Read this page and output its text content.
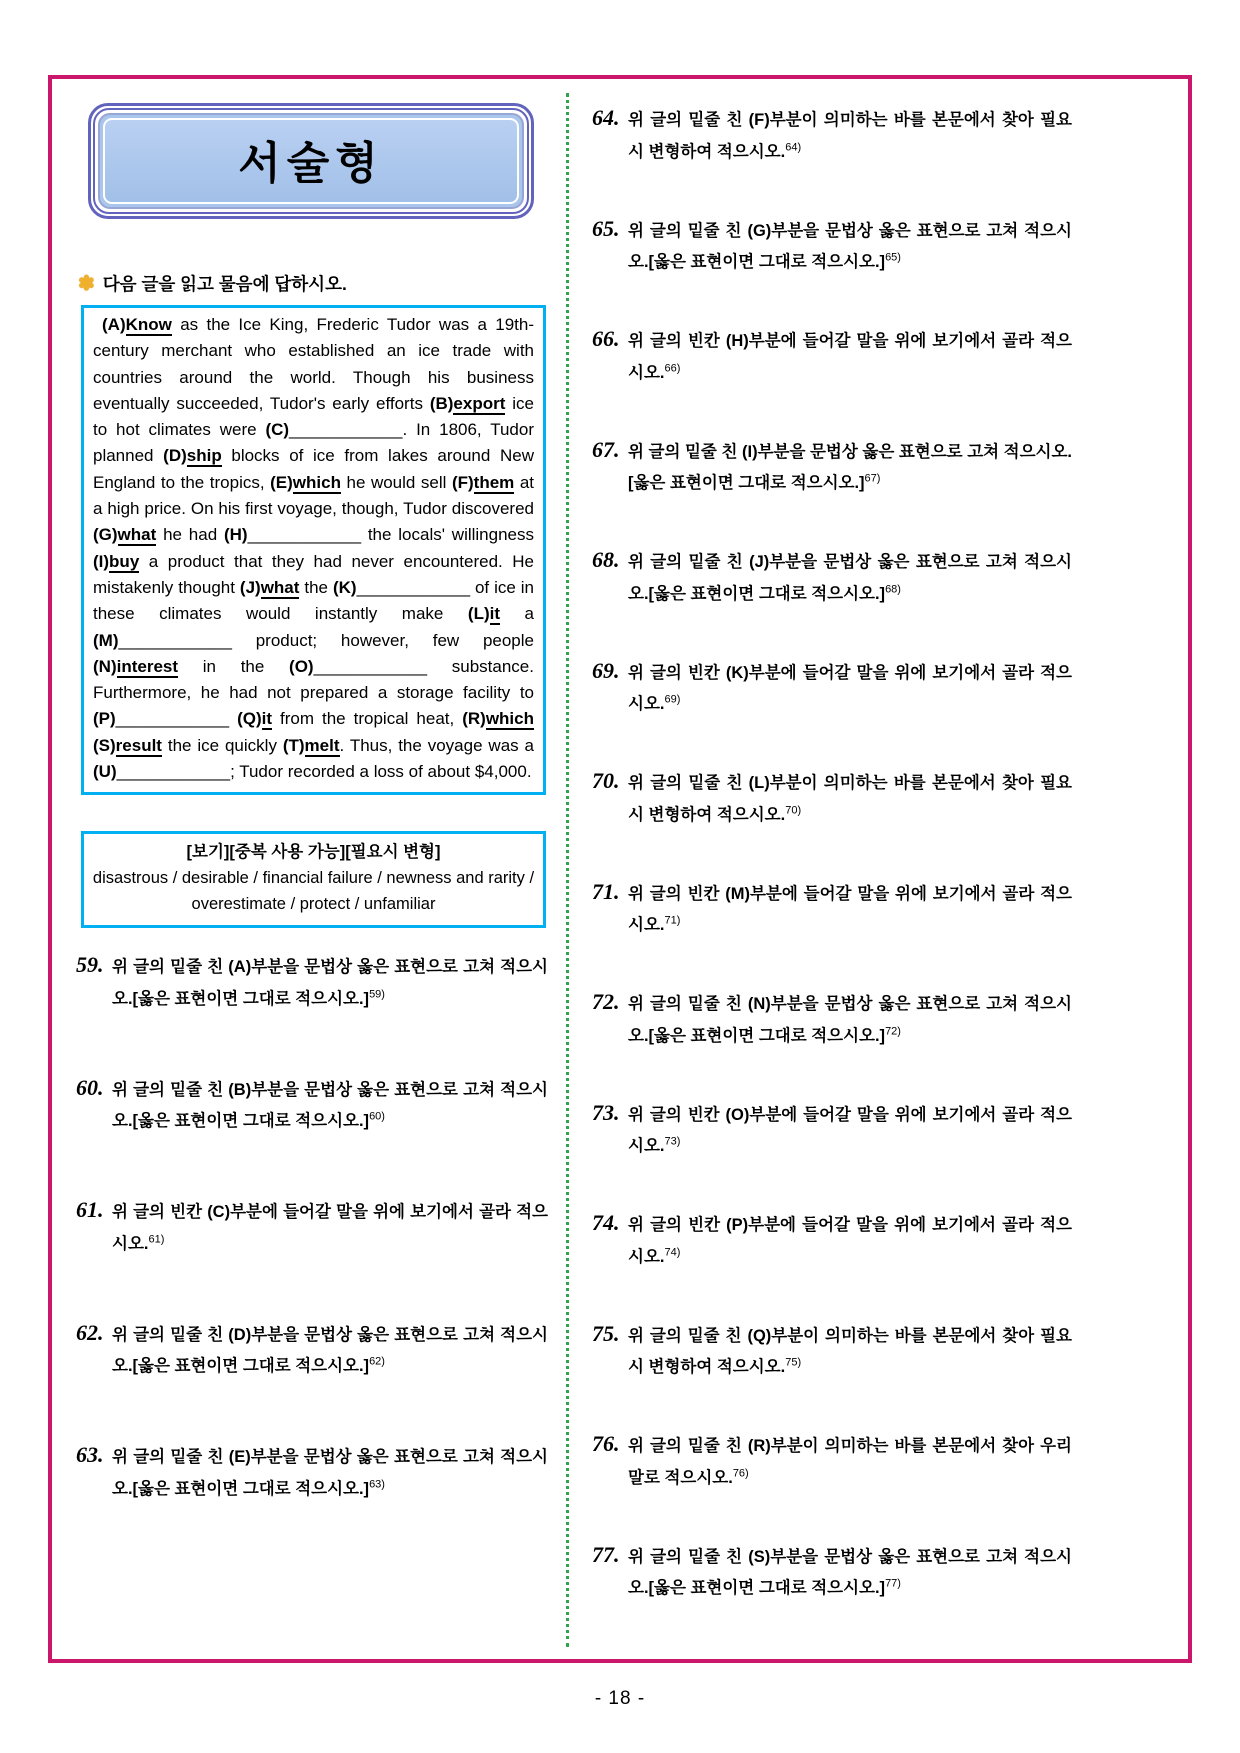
서술형
✽ 다음 글을 읽고 물음에 답하시오.

(A)Know as the Ice King, Frederic Tudor was a 19th-century merchant who established an ice trade with countries around the world. Though his business eventually succeeded, Tudor's early efforts (B)export ice to hot climates were (C)____________. In 1806, Tudor planned (D)ship blocks of ice from lakes around New England to the tropics, (E)which he would sell (F)them at a high price. On his first voyage, though, Tudor discovered (G)what he had (H)____________ the locals' willingness (I)buy a product that they had never encountered. He mistakenly thought (J)what the (K)____________ of ice in these climates would instantly make (L)it a (M)____________ product; however, few people (N)interest in the (O)____________ substance. Furthermore, he had not prepared a storage facility to (P)____________ (Q)it from the tropical heat, (R)which (S)result the ice quickly (T)melt. Thus, the voyage was a (U)____________; Tudor recorded a loss of about $4,000.

[보기][중복 사용 가능][필요시 변형]
disastrous / desirable / financial failure / newness and rarity / overestimate / protect / unfamiliar
59. 위 글의 밑줄 친 (A)부분을 문법상 옳은 표현으로 고쳐 적으시오.[옳은 표현이면 그대로 적으시오.]$^{59)}$
60. 위 글의 밑줄 친 (B)부분을 문법상 옳은 표현으로 고쳐 적으시오.[옳은 표현이면 그대로 적으시오.]$^{60)}$
61. 위 글의 빈칸 (C)부분에 들어갈 말을 위에 보기에서 골라 적으시오.$^{61)}$
62. 위 글의 밑줄 친 (D)부분을 문법상 옳은 표현으로 고쳐 적으시오.[옳은 표현이면 그대로 적으시오.]$^{62)}$
63. 위 글의 밑줄 친 (E)부분을 문법상 옳은 표현으로 고쳐 적으시오.[옳은 표현이면 그대로 적으시오.]$^{63)}$
64. 위 글의 밑줄 친 (F)부분이 의미하는 바를 본문에서 찾아 필요시 변형하여 적으시오.$^{64)}$
65. 위 글의 밑줄 친 (G)부분을 문법상 옳은 표현으로 고쳐 적으시오.[옳은 표현이면 그대로 적으시오.]$^{65)}$
66. 위 글의 빈칸 (H)부분에 들어갈 말을 위에 보기에서 골라 적으시오.$^{66)}$
67. 위 글의 밑줄 친 (I)부분을 문법상 옳은 표현으로 고쳐 적으시오.[옳은 표현이면 그대로 적으시오.]$^{67)}$
68. 위 글의 밑줄 친 (J)부분을 문법상 옳은 표현으로 고쳐 적으시오.[옳은 표현이면 그대로 적으시오.]$^{68)}$
69. 위 글의 빈칸 (K)부분에 들어갈 말을 위에 보기에서 골라 적으시오.$^{69)}$
70. 위 글의 밑줄 친 (L)부분이 의미하는 바를 본문에서 찾아 필요시 변형하여 적으시오.$^{70)}$
71. 위 글의 빈칸 (M)부분에 들어갈 말을 위에 보기에서 골라 적으시오.$^{71)}$
72. 위 글의 밑줄 친 (N)부분을 문법상 옳은 표현으로 고쳐 적으시오.[옳은 표현이면 그대로 적으시오.]$^{72)}$
73. 위 글의 빈칸 (O)부분에 들어갈 말을 위에 보기에서 골라 적으시오.$^{73)}$
74. 위 글의 빈칸 (P)부분에 들어갈 말을 위에 보기에서 골라 적으시오.$^{74)}$
75. 위 글의 밑줄 친 (Q)부분이 의미하는 바를 본문에서 찾아 필요시 변형하여 적으시오.$^{75)}$
76. 위 글의 밑줄 친 (R)부분이 의미하는 바를 본문에서 찾아 우리말로 적으시오.$^{76)}$
77. 위 글의 밑줄 친 (S)부분을 문법상 옳은 표현으로 고쳐 적으시오.[옳은 표현이면 그대로 적으시오.]$^{77)}$
- 18 -
